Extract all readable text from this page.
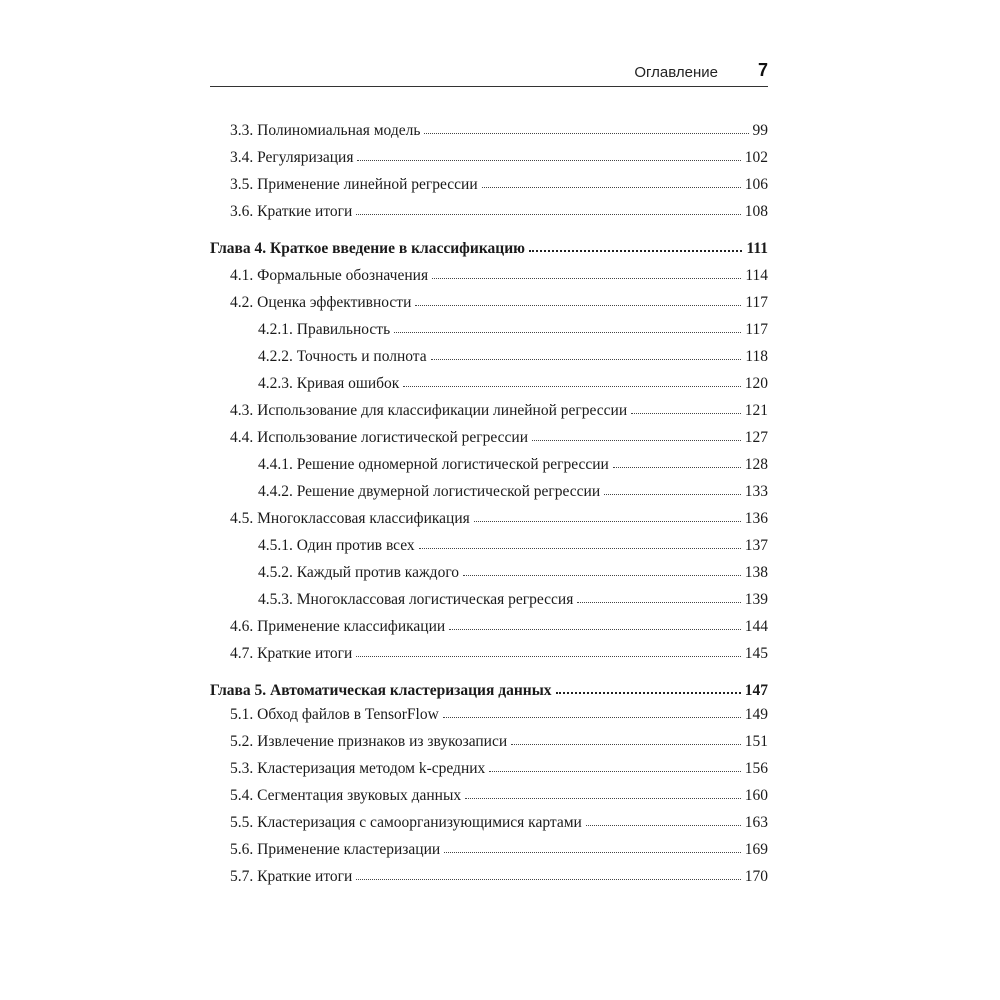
Оглавление 7
3.3. Полиномиальная модель	99
3.4. Регуляризация	102
3.5. Применение линейной регрессии	106
3.6. Краткие итоги	108
Глава 4. Краткое введение в классификацию	111
4.1. Формальные обозначения	114
4.2. Оценка эффективности	117
4.2.1. Правильность	117
4.2.2. Точность и полнота	118
4.2.3. Кривая ошибок	120
4.3. Использование для классификации линейной регрессии	121
4.4. Использование логистической регрессии	127
4.4.1. Решение одномерной логистической регрессии	128
4.4.2. Решение двумерной логистической регрессии	133
4.5. Многоклассовая классификация	136
4.5.1. Один против всех	137
4.5.2. Каждый против каждого	138
4.5.3. Многоклассовая логистическая регрессия	139
4.6. Применение классификации	144
4.7. Краткие итоги	145
Глава 5. Автоматическая кластеризация данных	147
5.1. Обход файлов в TensorFlow	149
5.2. Извлечение признаков из звукозаписи	151
5.3. Кластеризация методом k-средних	156
5.4. Сегментация звуковых данных	160
5.5. Кластеризация с самоорганизующимися картами	163
5.6. Применение кластеризации	169
5.7. Краткие итоги	170
